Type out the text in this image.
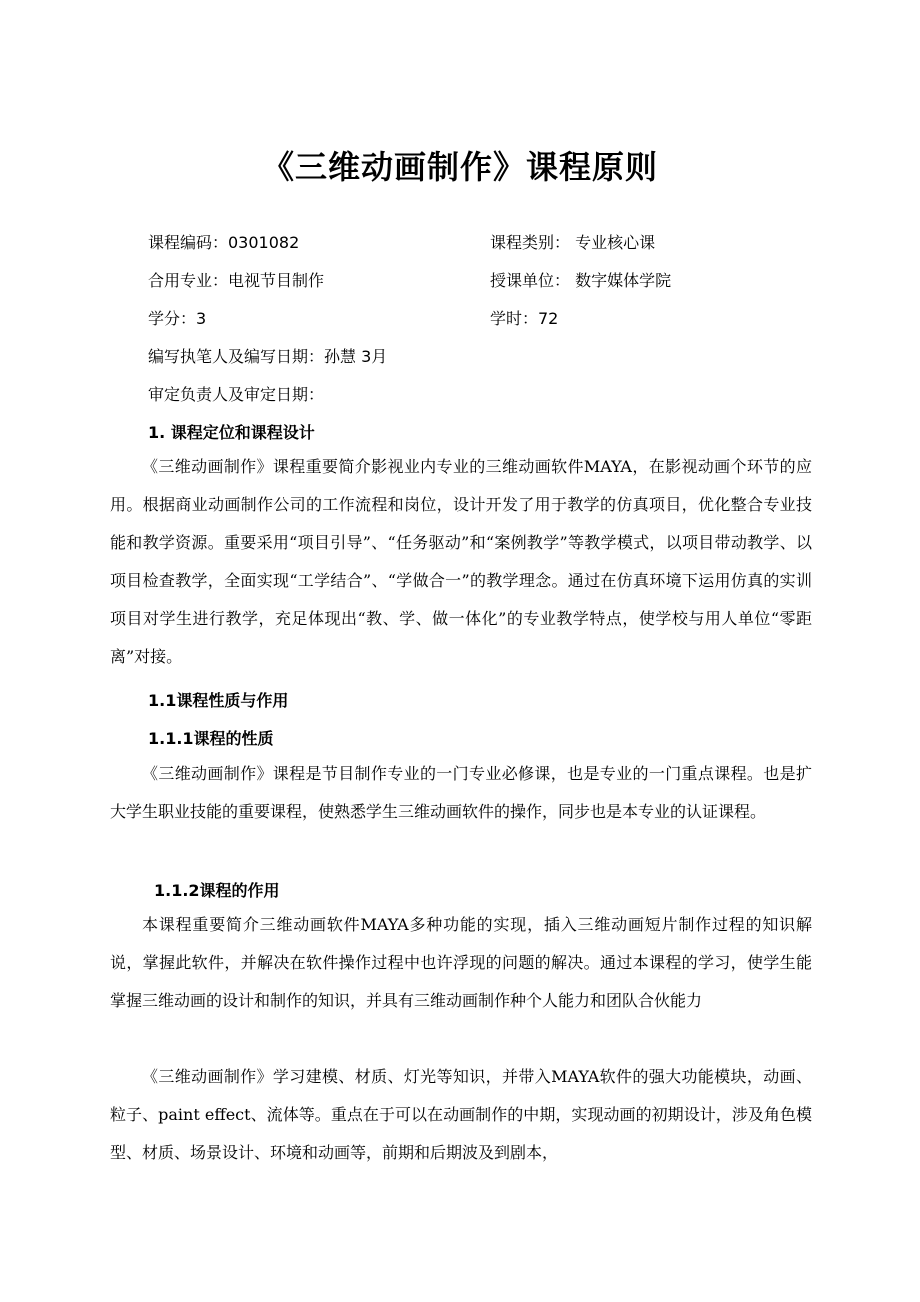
《三维动画制作》课程原则
课程编码：0301082	课程类别： 专业核心课
合用专业：电视节目制作	授课单位： 数字媒体学院
学分：3	学时：72
编写执笔人及编写日期：孙慧 3月
审定负责人及审定日期：
1. 课程定位和课程设计

《三维动画制作》课程重要简介影视业内专业的三维动画软件MAYA，在影视动画个环节的应用。根据商业动画制作公司的工作流程和岗位，设计开发了用于教学的仿真项目，优化整合专业技能和教学资源。重要采用“项目引导”、“任务驱动”和“案例教学”等教学模式，以项目带动教学、以项目检查教学，全面实现“工学结合”、“学做合一”的教学理念。通过在仿真环境下运用仿真的实训项目对学生进行教学，充足体现出“教、学、做一体化”的专业教学特点，使学校与用人单位“零距离”对接。

1.1课程性质与作用
1.1.1课程的性质

《三维动画制作》课程是节目制作专业的一门专业必修课，也是专业的一门重点课程。也是扩大学生职业技能的重要课程，使熟悉学生三维动画软件的操作，同步也是本专业的认证课程。

1.1.2课程的作用

本课程重要简介三维动画软件MAYA多种功能的实现，插入三维动画短片制作过程的知识解说，掌握此软件，并解决在软件操作过程中也许浮现的问题的解决。通过本课程的学习，使学生能掌握三维动画的设计和制作的知识，并具有三维动画制作种个人能力和团队合伙能力

《三维动画制作》学习建模、材质、灯光等知识，并带入MAYA软件的强大功能模块，动画、粒子、paint effect、流体等。重点在于可以在动画制作的中期，实现动画的初期设计，涉及角色模型、材质、场景设计、环境和动画等，前期和后期波及到剧本，
